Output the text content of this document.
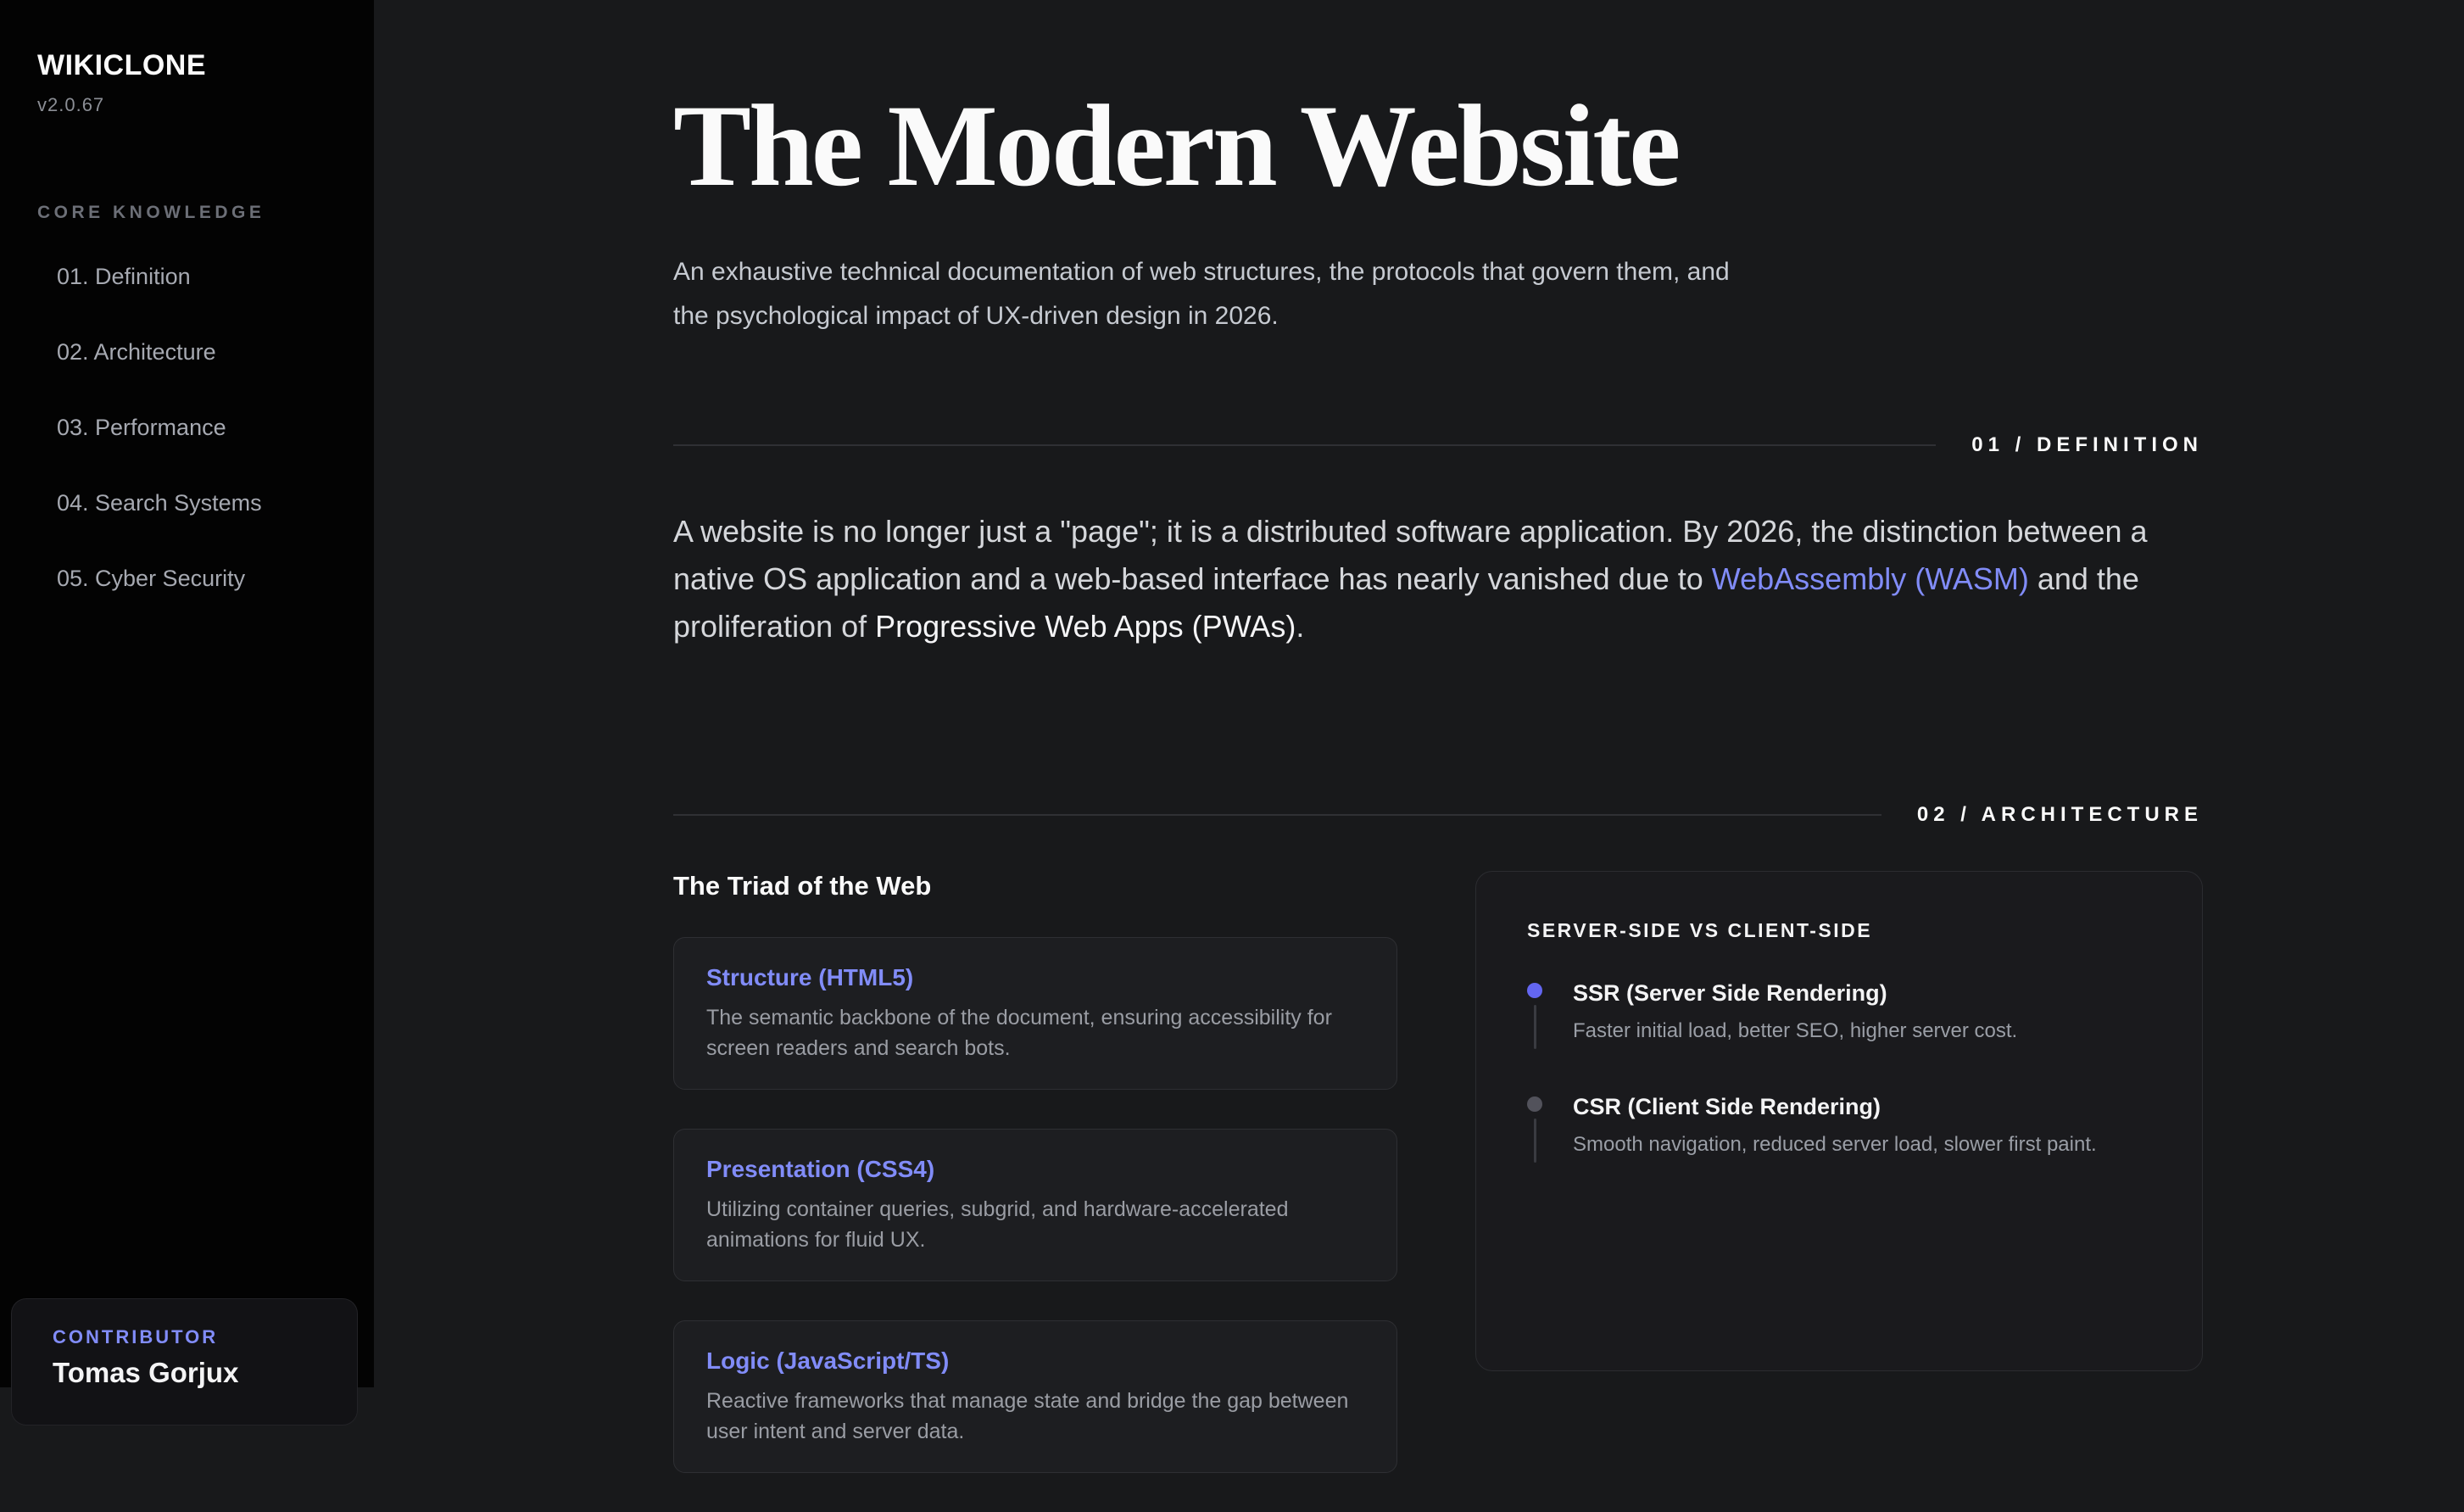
WIKICLONE
v2.0.67
CORE KNOWLEDGE
01. Definition
02. Architecture
03. Performance
04. Search Systems
05. Cyber Security
CONTRIBUTOR
Tomas Gorjux
The Modern Website

An exhaustive technical documentation of web structures, the protocols that govern them, and the psychological impact of UX-driven design in 2026.

01 / DEFINITION

A website is no longer just a "page"; it is a distributed software application. By 2026, the distinction between a native OS application and a web-based interface has nearly vanished due to WebAssembly (WASM) and the proliferation of Progressive Web Apps (PWAs).

02 / ARCHITECTURE
The Triad of the Web
Structure (HTML5)
The semantic backbone of the document, ensuring accessibility for screen readers and search bots.
Presentation (CSS4)
Utilizing container queries, subgrid, and hardware-accelerated animations for fluid UX.
Logic (JavaScript/TS)
Reactive frameworks that manage state and bridge the gap between user intent and server data.
SERVER-SIDE VS CLIENT-SIDE
SSR (Server Side Rendering)
Faster initial load, better SEO, higher server cost.
CSR (Client Side Rendering)
Smooth navigation, reduced server load, slower first paint.
